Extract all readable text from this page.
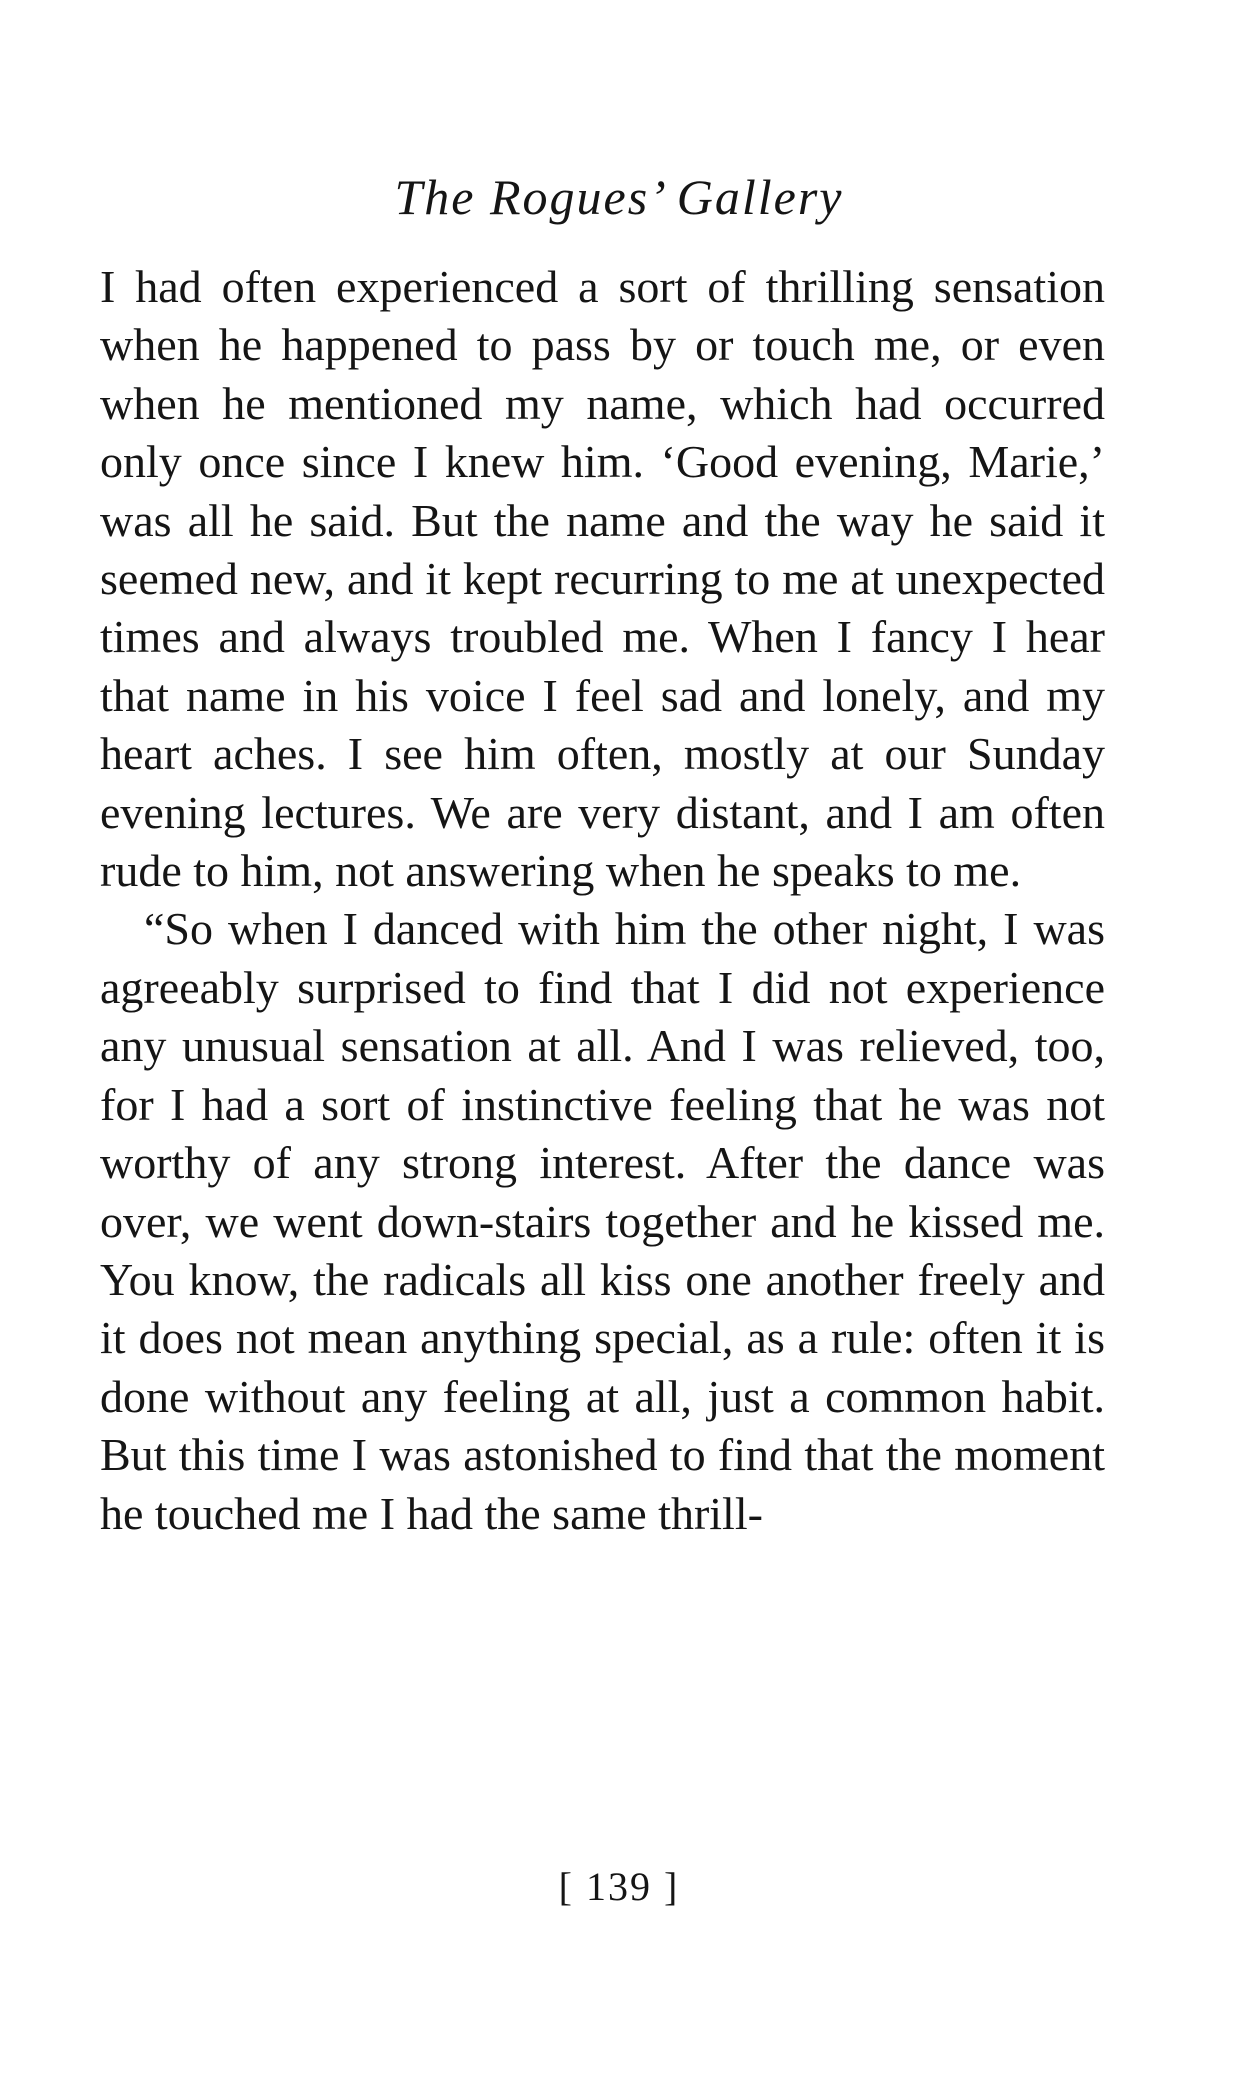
The Rogues’ Gallery

I had often experienced a sort of thrilling sensation when he happened to pass by or touch me, or even when he mentioned my name, which had occurred only once since I knew him. ‘Good evening, Marie,’ was all he said. But the name and the way he said it seemed new, and it kept recurring to me at unexpected times and always troubled me. When I fancy I hear that name in his voice I feel sad and lonely, and my heart aches. I see him often, mostly at our Sunday evening lectures. We are very distant, and I am often rude to him, not answering when he speaks to me.

“So when I danced with him the other night, I was agreeably surprised to find that I did not experience any unusual sensation at all. And I was relieved, too, for I had a sort of instinctive feeling that he was not worthy of any strong interest. After the dance was over, we went down-stairs together and he kissed me. You know, the radicals all kiss one another freely and it does not mean anything special, as a rule: often it is done without any feeling at all, just a common habit. But this time I was astonished to find that the moment he touched me I had the same thrill-

[ 139 ]
